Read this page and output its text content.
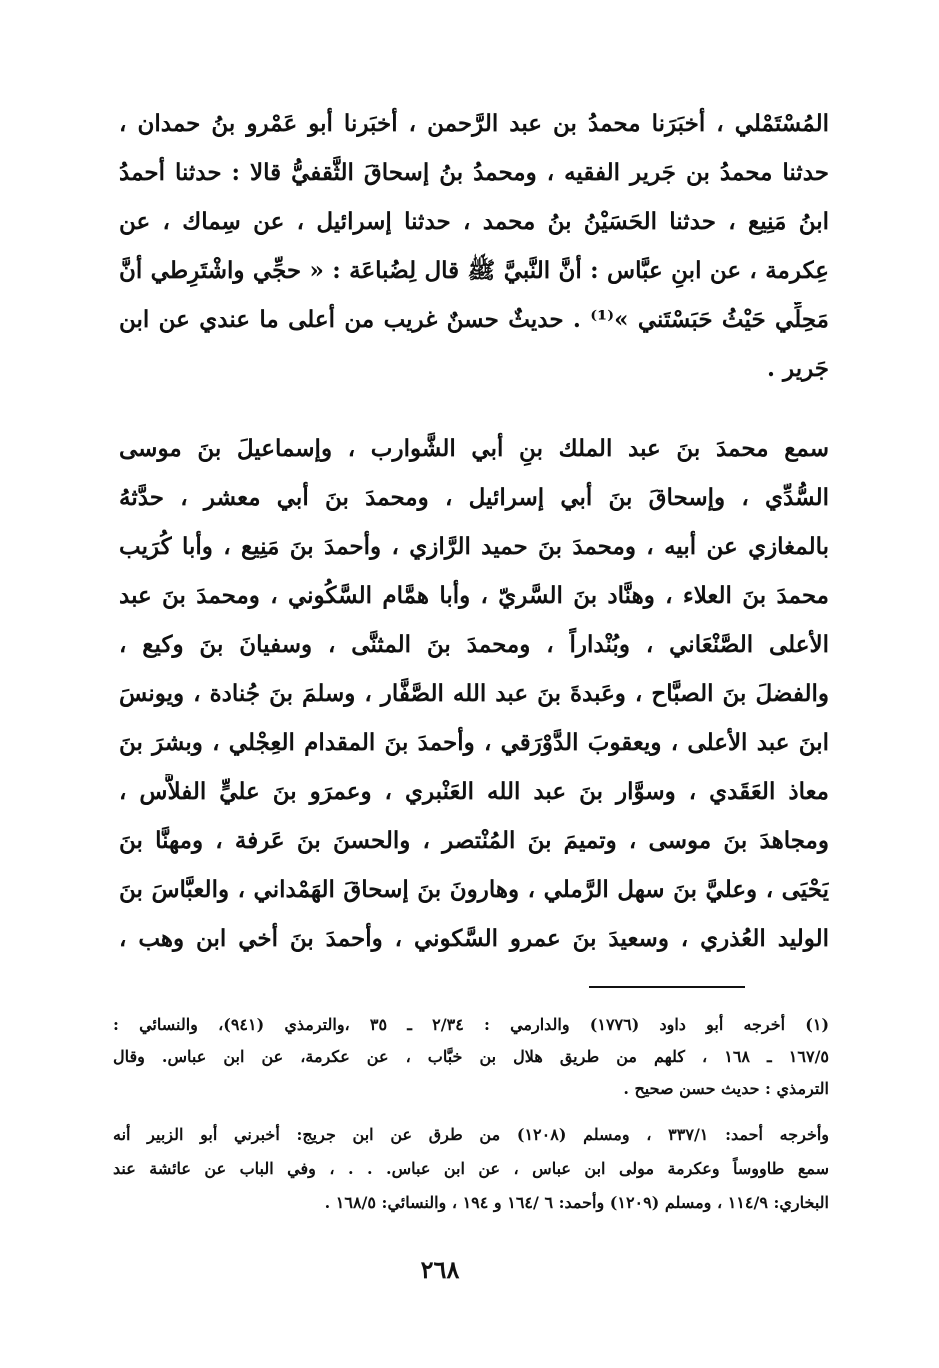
المُسْتَمْلي ، أخبَرَنا محمدُ بن عبد الرَّحمن ، أخبَرنا أبو عَمْرو بنُ حمدان ،
حدثنا محمدُ بن جَرير الفقيه ، ومحمدُ بنُ إسحاقَ الثَّقفيُّ قالا : حدثنا أحمدُ
ابنُ مَنِيع ، حدثنا الحَسَيْنُ بنُ محمد ، حدثنا إسرائيل ، عن سِماك ، عن
عِكرمة ، عن ابنِ عبَّاس : أنَّ النَّبيَّ ﷺ قال لِضُباعَة : « حجِّي واشْتَرِطي أنَّ
مَحِلِّي حَيْثُ حَبَسْتَني »⁽¹⁾ . حديثٌ حسنٌ غريب من أعلى ما عندي عن ابن
جَرير .
سمع محمدَ بنَ عبد الملك بنِ أبي الشَّوارب ، وإسماعيلَ بنَ موسى
السُّدِّي ، وإسحاقَ بنَ أبي إسرائيل ، ومحمدَ بنَ أبي معشر ، حدَّثهُ
بالمغازي عن أبيه ، ومحمدَ بنَ حميد الرَّازي ، وأحمدَ بنَ مَنِيع ، وأبا كُرَيب
محمدَ بنَ العلاء ، وهنَّاد بنَ السَّريّ ، وأبا همَّام السَّكُوني ، ومحمدَ بنَ عبد
الأعلى الصَّنْعَاني ، وبُنْداراً ، ومحمدَ بنَ المثنَّى ، وسفيانَ بنَ وكيع ،
والفضلَ بنَ الصبَّاح ، وعَبدةَ بنَ عبد الله الصَّفَّار ، وسلمَ بنَ جُنادة ، ويونسَ
ابنَ عبد الأعلى ، ويعقوبَ الدَّوْرَقي ، وأحمدَ بنَ المقدام العِجْلي ، وبشرَ بنَ
معاذ العَقَدي ، وسوَّار بنَ عبد الله العَنْبري ، وعمرَو بنَ عليٍّ الفلاَّس ،
ومجاهدَ بنَ موسى ، وتميمَ بنَ المُنْتصر ، والحسنَ بنَ عَرفة ، ومهنَّا بنَ
يَحْيَى ، وعليَّ بنَ سهل الرَّملي ، وهارونَ بنَ إسحاقَ الهَمْداني ، والعبَّاسَ بنَ
الوليد العُذري ، وسعيدَ بنَ عمرو السَّكوني ، وأحمدَ بنَ أخي ابن وهب ،
(١) أخرجه أبو داود (١٧٧٦) والدارمي : ٢/٣٤ ـ ٣٥ ،والترمذي (٩٤١)، والنسائي :
١٦٧/٥ ـ ١٦٨ ، كلهم من طريق هلال بن خبَّاب ، عن عكرمة، عن ابن عباس. وقال
الترمذي : حديث حسن صحيح .
وأخرجه أحمد: ٣٣٧/١ ، ومسلم (١٢٠٨) من طرق عن ابن جريج: أخبرني أبو الزبير أنه
سمع طاووساً وعكرمة مولى ابن عباس ، عن ابن عباس. . . ، وفي الباب عن عائشة عند
البخاري: ١١٤/٩ ، ومسلم (١٢٠٩) وأحمد: ٦ /١٦٤ و ١٩٤ ، والنسائي: ١٦٨/٥ .
٢٦٨
